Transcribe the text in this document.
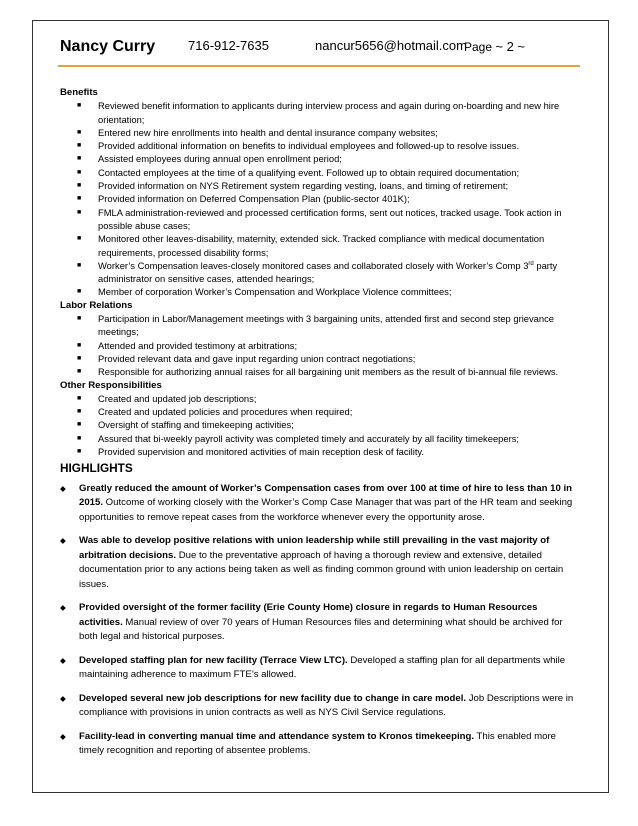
Nancy Curry	716-912-7635	nancur5656@hotmail.com
Page ~ 2 ~
Benefits
■ Reviewed benefit information to applicants during interview process and again during on-boarding and new hire orientation;
■ Entered new hire enrollments into health and dental insurance company websites;
■ Provided additional information on benefits to individual employees and followed-up to resolve issues.
■ Assisted employees during annual open enrollment period;
■ Contacted employees at the time of a qualifying event. Followed up to obtain required documentation;
■ Provided information on NYS Retirement system regarding vesting, loans, and timing of retirement;
■ Provided information on Deferred Compensation Plan (public-sector 401K);
■ FMLA administration-reviewed and processed certification forms, sent out notices, tracked usage. Took action in possible abuse cases;
■ Monitored other leaves-disability, maternity, extended sick. Tracked compliance with medical documentation requirements, processed disability forms;
■ Worker’s Compensation leaves-closely monitored cases and collaborated closely with Worker’s Comp 3rd party administrator on sensitive cases, attended hearings;
■ Member of corporation Worker’s Compensation and Workplace Violence committees;
Labor Relations
■ Participation in Labor/Management meetings with 3 bargaining units, attended first and second step grievance meetings;
■ Attended and provided testimony at arbitrations;
■ Provided relevant data and gave input regarding union contract negotiations;
■ Responsible for authorizing annual raises for all bargaining unit members as the result of bi-annual file reviews.
Other Responsibilities
■ Created and updated job descriptions;
■ Created and updated policies and procedures when required;
■ Oversight of staffing and timekeeping activities;
■ Assured that bi-weekly payroll activity was completed timely and accurately by all facility timekeepers;
■ Provided supervision and monitored activities of main reception desk of facility.
HIGHLIGHTS
◆ Greatly reduced the amount of Worker’s Compensation cases from over 100 at time of hire to less than 10 in 2015. Outcome of working closely with the Worker’s Comp Case Manager that was part of the HR team and seeking opportunities to remove repeat cases from the workforce whenever every the opportunity arose.
◆ Was able to develop positive relations with union leadership while still prevailing in the vast majority of arbitration decisions. Due to the preventative approach of having a thorough review and extensive, detailed documentation prior to any actions being taken as well as finding common ground with union leadership on certain issues.
◆ Provided oversight of the former facility (Erie County Home) closure in regards to Human Resources activities. Manual review of over 70 years of Human Resources files and determining what should be archived for both legal and historical purposes.
◆ Developed staffing plan for new facility (Terrace View LTC). Developed a staffing plan for all departments while maintaining adherence to maximum FTE’s allowed.
◆ Developed several new job descriptions for new facility due to change in care model. Job Descriptions were in compliance with provisions in union contracts as well as NYS Civil Service regulations.
◆ Facility-lead in converting manual time and attendance system to Kronos timekeeping. This enabled more timely recognition and reporting of absentee problems.
